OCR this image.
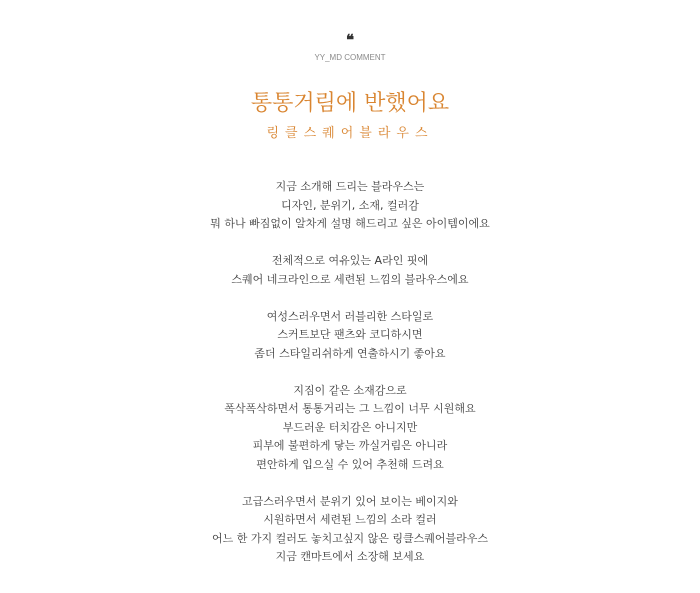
❝
YY_MD COMMENT
통통거림에 반했어요
링클스퀘어블라우스

지금 소개해 드리는 블라우스는
디자인, 분위기, 소재, 컬러감
뭐 하나 빠짐없이 알차게 설명 해드리고 싶은 아이템이에요

전체적으로 여유있는 A라인 핏에
스퀘어 네크라인으로 세련된 느낌의 블라우스에요

여성스러우면서 러블리한 스타일로
스커트보단 팬츠와 코디하시면
좀더 스타일리쉬하게 연출하시기 좋아요

지짐이 같은 소재감으로
폭삭폭삭하면서 통통거리는 그 느낌이 너무 시원해요
부드러운 터치감은 아니지만
피부에 불편하게 닿는 까실거림은 아니라
편안하게 입으실 수 있어 추천해 드려요

고급스러우면서 분위기 있어 보이는 베이지와
시원하면서 세련된 느낌의 소라 컬러
어느 한 가지 컬러도 놓치고싶지 않은 링클스퀘어블라우스
지금 캔마트에서 소장해 보세요
